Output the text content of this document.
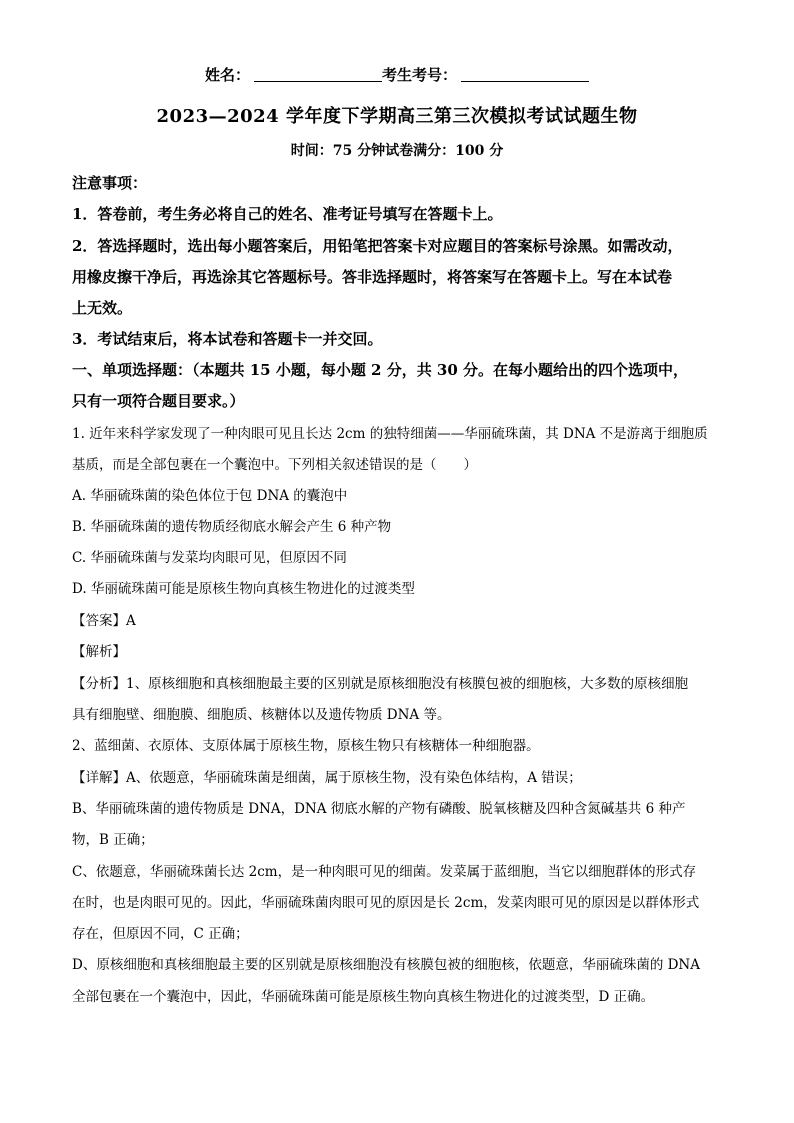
姓名：	考生考号：
2023—2024 学年度下学期高三第三次模拟考试试题生物
时间：75 分钟试卷满分：100 分
注意事项：
1．答卷前，考生务必将自己的姓名、准考证号填写在答题卡上。
2．答选择题时，选出每小题答案后，用铅笔把答案卡对应题目的答案标号涂黑。如需改动，
用橡皮擦干净后，再选涂其它答题标号。答非选择题时，将答案写在答题卡上。写在本试卷
上无效。
3．考试结束后，将本试卷和答题卡一并交回。
一、单项选择题：（本题共 15 小题，每小题 2 分，共 30 分。在每小题给出的四个选项中，
只有一项符合题目要求。）
1. 近年来科学家发现了一种肉眼可见且长达 2cm 的独特细菌——华丽硫珠菌，其 DNA 不是游离于细胞质
基质，而是全部包裹在一个囊泡中。下列相关叙述错误的是（　　）
A. 华丽硫珠菌的染色体位于包 DNA 的囊泡中
B. 华丽硫珠菌的遗传物质经彻底水解会产生 6 种产物
C. 华丽硫珠菌与发菜均肉眼可见，但原因不同
D. 华丽硫珠菌可能是原核生物向真核生物进化的过渡类型
【答案】A
【解析】
【分析】1、原核细胞和真核细胞最主要的区别就是原核细胞没有核膜包被的细胞核，大多数的原核细胞
具有细胞壁、细胞膜、细胞质、核糖体以及遗传物质 DNA 等。
2、蓝细菌、衣原体、支原体属于原核生物，原核生物只有核糖体一种细胞器。
【详解】A、依题意，华丽硫珠菌是细菌，属于原核生物，没有染色体结构，A 错误；
B、华丽硫珠菌的遗传物质是 DNA，DNA 彻底水解的产物有磷酸、脱氧核糖及四种含氮碱基共 6 种产
物，B 正确；
C、依题意，华丽硫珠菌长达 2cm，是一种肉眼可见的细菌。发菜属于蓝细胞，当它以细胞群体的形式存
在时，也是肉眼可见的。因此，华丽硫珠菌肉眼可见的原因是长 2cm，发菜肉眼可见的原因是以群体形式
存在，但原因不同，C 正确；
D、原核细胞和真核细胞最主要的区别就是原核细胞没有核膜包被的细胞核，依题意，华丽硫珠菌的 DNA
全部包裹在一个囊泡中，因此，华丽硫珠菌可能是原核生物向真核生物进化的过渡类型，D 正确。
